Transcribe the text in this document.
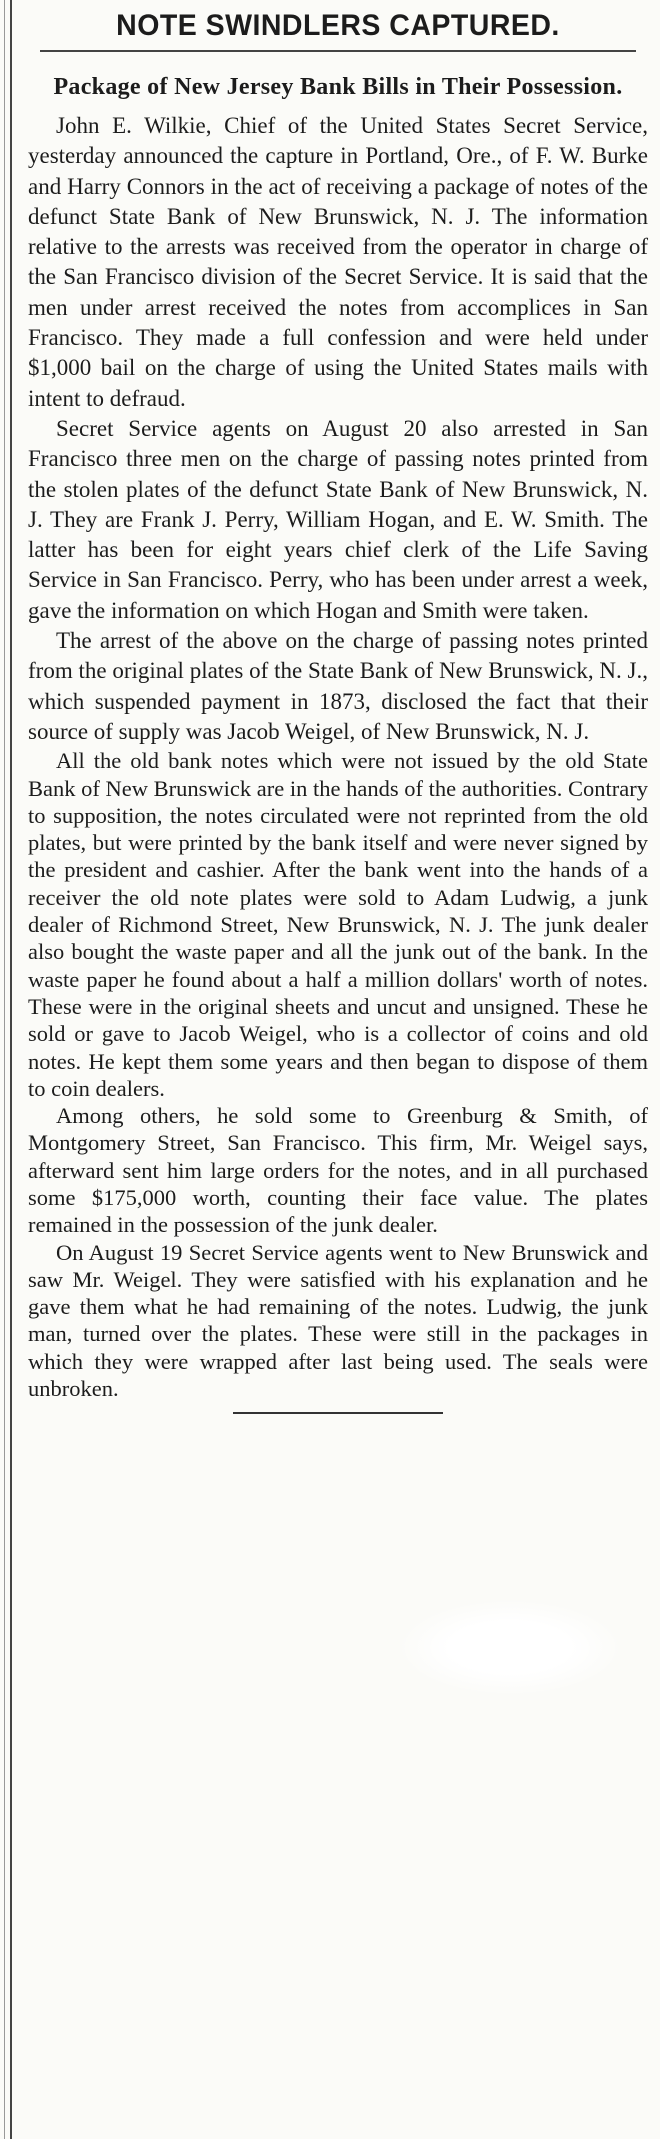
NOTE SWINDLERS CAPTURED.
Package of New Jersey Bank Bills in Their Possession.

John E. Wilkie, Chief of the United States Secret Service, yesterday announced the capture in Portland, Ore., of F. W. Burke and Harry Connors in the act of receiving a package of notes of the defunct State Bank of New Brunswick, N. J. The information relative to the arrests was received from the operator in charge of the San Francisco division of the Secret Service. It is said that the men under arrest received the notes from accomplices in San Francisco. They made a full confession and were held under $1,000 bail on the charge of using the United States mails with intent to defraud.

Secret Service agents on August 20 also arrested in San Francisco three men on the charge of passing notes printed from the stolen plates of the defunct State Bank of New Brunswick, N. J. They are Frank J. Perry, William Hogan, and E. W. Smith. The latter has been for eight years chief clerk of the Life Saving Service in San Francisco. Perry, who has been under arrest a week, gave the information on which Hogan and Smith were taken.

The arrest of the above on the charge of passing notes printed from the original plates of the State Bank of New Brunswick, N. J., which suspended payment in 1873, disclosed the fact that their source of supply was Jacob Weigel, of New Brunswick, N. J.

All the old bank notes which were not issued by the old State Bank of New Brunswick are in the hands of the authorities. Contrary to supposition, the notes circulated were not reprinted from the old plates, but were printed by the bank itself and were never signed by the president and cashier. After the bank went into the hands of a receiver the old note plates were sold to Adam Ludwig, a junk dealer of Richmond Street, New Brunswick, N. J. The junk dealer also bought the waste paper and all the junk out of the bank. In the waste paper he found about a half a million dollars' worth of notes. These were in the original sheets and uncut and unsigned. These he sold or gave to Jacob Weigel, who is a collector of coins and old notes. He kept them some years and then began to dispose of them to coin dealers.

Among others, he sold some to Greenburg & Smith, of Montgomery Street, San Francisco. This firm, Mr. Weigel says, afterward sent him large orders for the notes, and in all purchased some $175,000 worth, counting their face value. The plates remained in the possession of the junk dealer.

On August 19 Secret Service agents went to New Brunswick and saw Mr. Weigel. They were satisfied with his explanation and he gave them what he had remaining of the notes. Ludwig, the junk man, turned over the plates. These were still in the packages in which they were wrapped after last being used. The seals were unbroken.
